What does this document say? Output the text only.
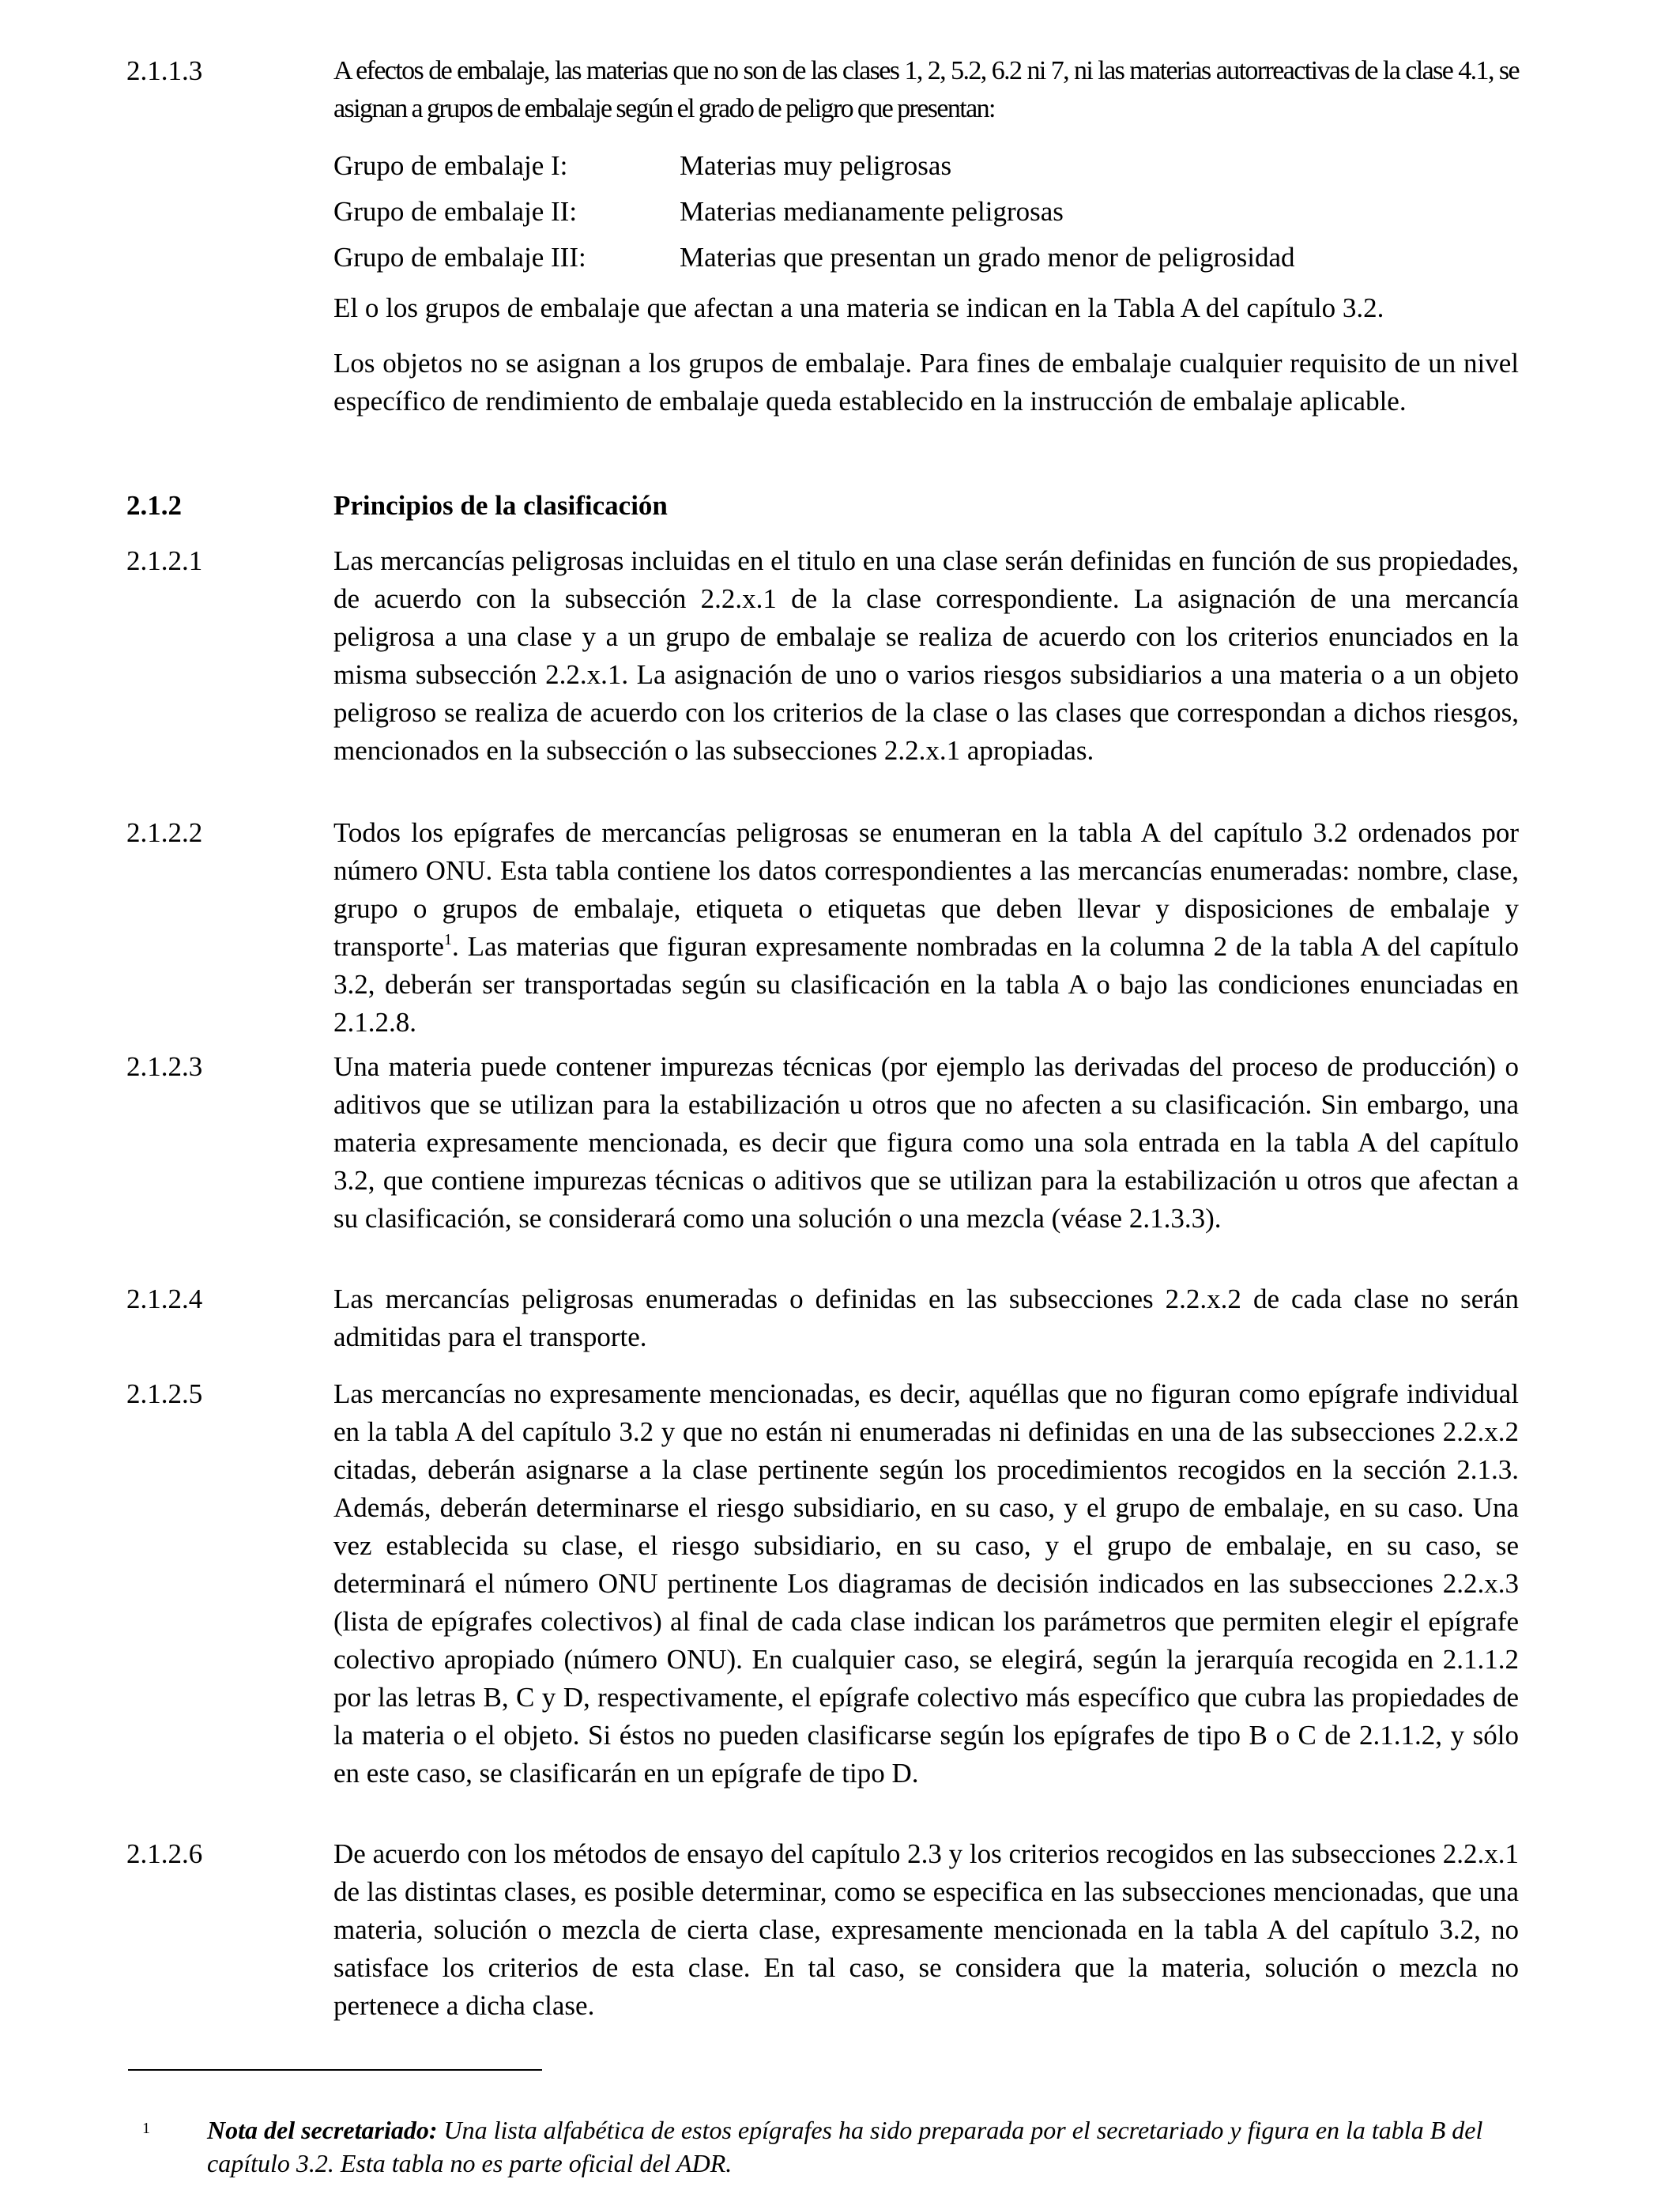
2.1.1.3	A efectos de embalaje, las materias que no son de las clases 1, 2, 5.2, 6.2 ni 7, ni las materias autorreactivas de la clase 4.1, se asignan a grupos de embalaje según el grado de peligro que presentan:
Grupo de embalaje I:	Materias muy peligrosas
Grupo de embalaje II:	Materias medianamente peligrosas
Grupo de embalaje III:	Materias que presentan un grado menor de peligrosidad
El o los grupos de embalaje que afectan a una materia se indican en la Tabla A del capítulo 3.2.
Los objetos no se asignan a los grupos de embalaje. Para fines de embalaje cualquier requisito de un nivel específico de rendimiento de embalaje queda establecido en la instrucción de embalaje aplicable.
2.1.2	Principios de la clasificación
2.1.2.1	Las mercancías peligrosas incluidas en el titulo en una clase serán definidas en función de sus propiedades, de acuerdo con la subsección 2.2.x.1 de la clase correspondiente. La asignación de una mercancía peligrosa a una clase y a un grupo de embalaje se realiza de acuerdo con los criterios enunciados en la misma subsección 2.2.x.1. La asignación de uno o varios riesgos subsidiarios a una materia o a un objeto peligroso se realiza de acuerdo con los criterios de la clase o las clases que correspondan a dichos riesgos, mencionados en la subsección o las subsecciones 2.2.x.1 apropiadas.
2.1.2.2	Todos los epígrafes de mercancías peligrosas se enumeran en la tabla A del capítulo 3.2 ordenados por número ONU. Esta tabla contiene los datos correspondientes a las mercancías enumeradas: nombre, clase, grupo o grupos de embalaje, etiqueta o etiquetas que deben llevar y disposiciones de embalaje y transporte$^1$. Las materias que figuran expresamente nombradas en la columna 2 de la tabla A del capítulo 3.2, deberán ser transportadas según su clasificación en la tabla A o bajo las condiciones enunciadas en 2.1.2.8.
2.1.2.3	Una materia puede contener impurezas técnicas (por ejemplo las derivadas del proceso de producción) o aditivos que se utilizan para la estabilización u otros que no afecten a su clasificación. Sin embargo, una materia expresamente mencionada, es decir que figura como una sola entrada en la tabla A del capítulo 3.2, que contiene impurezas técnicas o aditivos que se utilizan para la estabilización u otros que afectan a su clasificación, se considerará como una solución o una mezcla (véase 2.1.3.3).
2.1.2.4	Las mercancías peligrosas enumeradas o definidas en las subsecciones 2.2.x.2 de cada clase no serán admitidas para el transporte.
2.1.2.5	Las mercancías no expresamente mencionadas, es decir, aquéllas que no figuran como epígrafe individual en la tabla A del capítulo 3.2 y que no están ni enumeradas ni definidas en una de las subsecciones 2.2.x.2 citadas, deberán asignarse a la clase pertinente según los procedimientos recogidos en la sección 2.1.3. Además, deberán determinarse el riesgo subsidiario, en su caso, y el grupo de embalaje, en su caso. Una vez establecida su clase, el riesgo subsidiario, en su caso, y el grupo de embalaje, en su caso, se determinará el número ONU pertinente Los diagramas de decisión indicados en las subsecciones 2.2.x.3 (lista de epígrafes colectivos) al final de cada clase indican los parámetros que permiten elegir el epígrafe colectivo apropiado (número ONU). En cualquier caso, se elegirá, según la jerarquía recogida en 2.1.1.2 por las letras B, C y D, respectivamente, el epígrafe colectivo más específico que cubra las propiedades de la materia o el objeto. Si éstos no pueden clasificarse según los epígrafes de tipo B o C de 2.1.1.2, y sólo en este caso, se clasificarán en un epígrafe de tipo D.
2.1.2.6	De acuerdo con los métodos de ensayo del capítulo 2.3 y los criterios recogidos en las subsecciones 2.2.x.1 de las distintas clases, es posible determinar, como se especifica en las subsecciones mencionadas, que una materia, solución o mezcla de cierta clase, expresamente mencionada en la tabla A del capítulo 3.2, no satisface los criterios de esta clase. En tal caso, se considera que la materia, solución o mezcla no pertenece a dicha clase.
1 Nota del secretariado: Una lista alfabética de estos epígrafes ha sido preparada por el secretariado y figura en la tabla B del capítulo 3.2. Esta tabla no es parte oficial del ADR.
